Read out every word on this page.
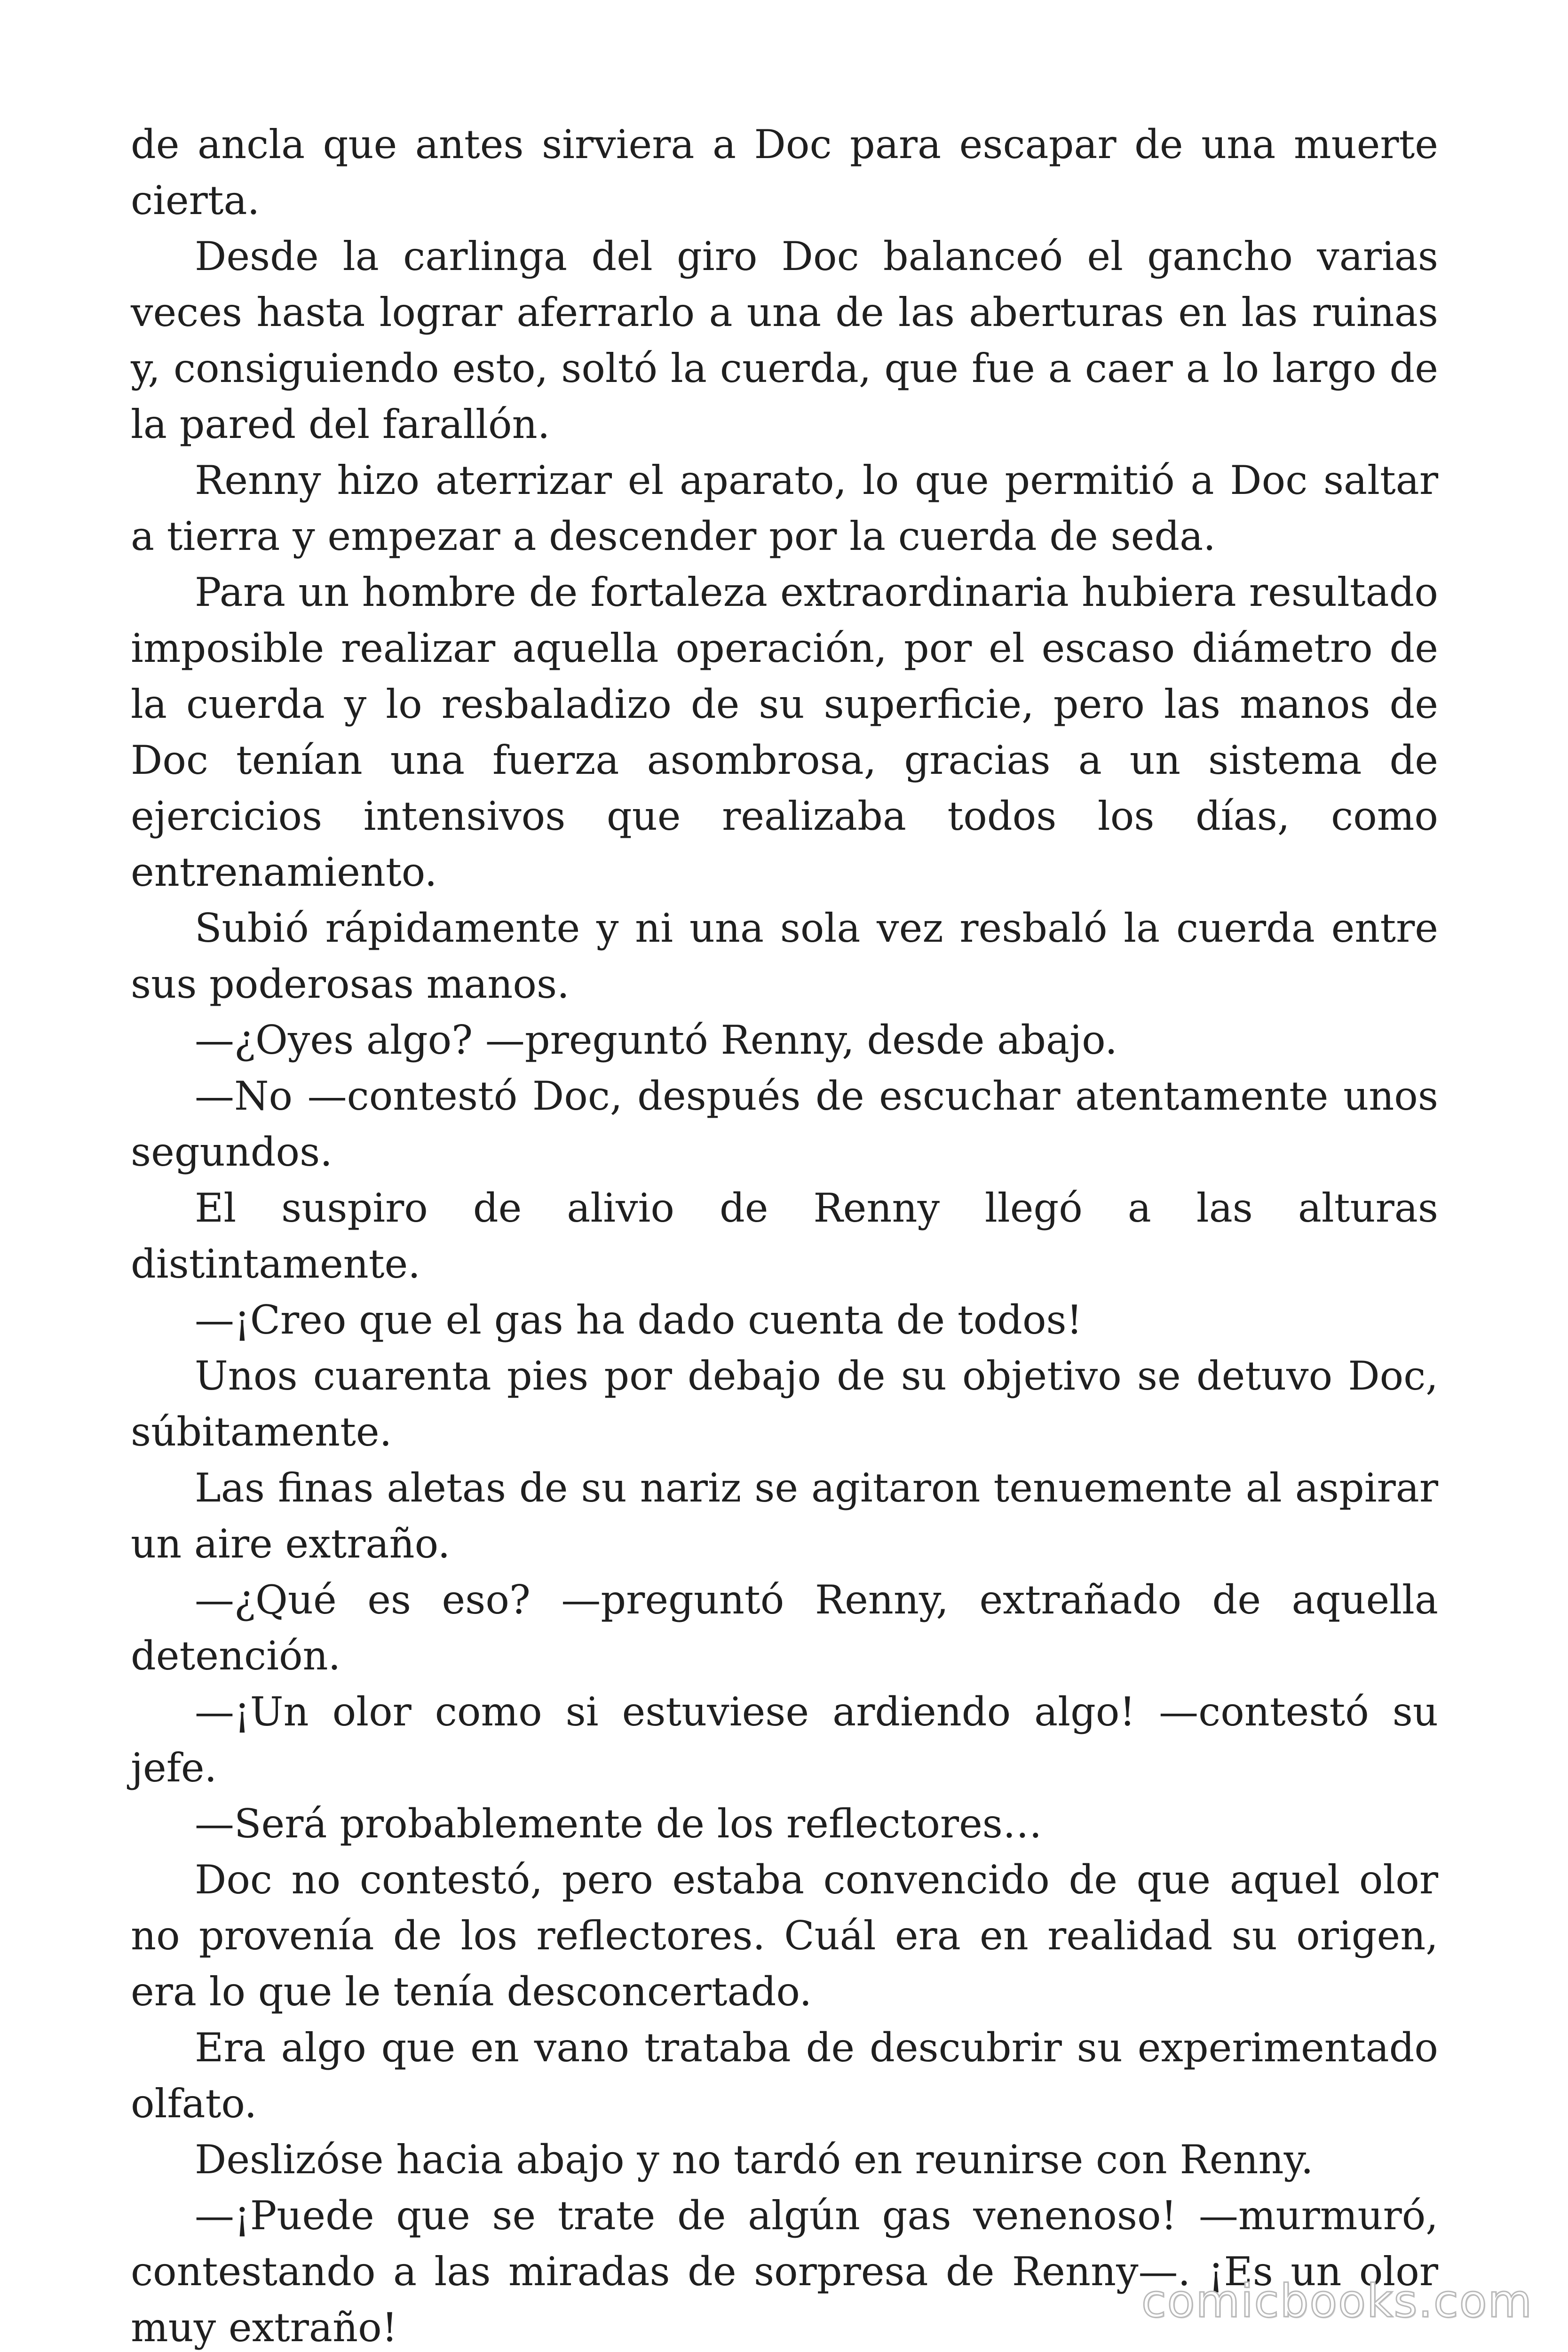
de ancla que antes sirviera a Doc para escapar de una muerte cierta.

Desde la carlinga del giro Doc balanceó el gancho varias veces hasta lograr aferrarlo a una de las aberturas en las ruinas y, consiguiendo esto, soltó la cuerda, que fue a caer a lo largo de la pared del farallón.

Renny hizo aterrizar el aparato, lo que permitió a Doc saltar a tierra y empezar a descender por la cuerda de seda.

Para un hombre de fortaleza extraordinaria hubiera resultado imposible realizar aquella operación, por el escaso diámetro de la cuerda y lo resbaladizo de su superficie, pero las manos de Doc tenían una fuerza asombrosa, gracias a un sistema de ejercicios intensivos que realizaba todos los días, como entrenamiento.

Subió rápidamente y ni una sola vez resbaló la cuerda entre sus poderosas manos.

—¿Oyes algo? —preguntó Renny, desde abajo.

—No —contestó Doc, después de escuchar atentamente unos segundos.

El suspiro de alivio de Renny llegó a las alturas distintamente.

—¡Creo que el gas ha dado cuenta de todos!

Unos cuarenta pies por debajo de su objetivo se detuvo Doc, súbitamente.

Las finas aletas de su nariz se agitaron tenuemente al aspirar un aire extraño.

—¿Qué es eso? —preguntó Renny, extrañado de aquella detención.

—¡Un olor como si estuviese ardiendo algo! —contestó su jefe.

—Será probablemente de los reflectores…

Doc no contestó, pero estaba convencido de que aquel olor no provenía de los reflectores. Cuál era en realidad su origen, era lo que le tenía desconcertado.

Era algo que en vano trataba de descubrir su experimentado olfato.

Deslizóse hacia abajo y no tardó en reunirse con Renny.

—¡Puede que se trate de algún gas venenoso! —murmuró, contestando a las miradas de sorpresa de Renny—. ¡Es un olor muy extraño!	comicbooks.com
